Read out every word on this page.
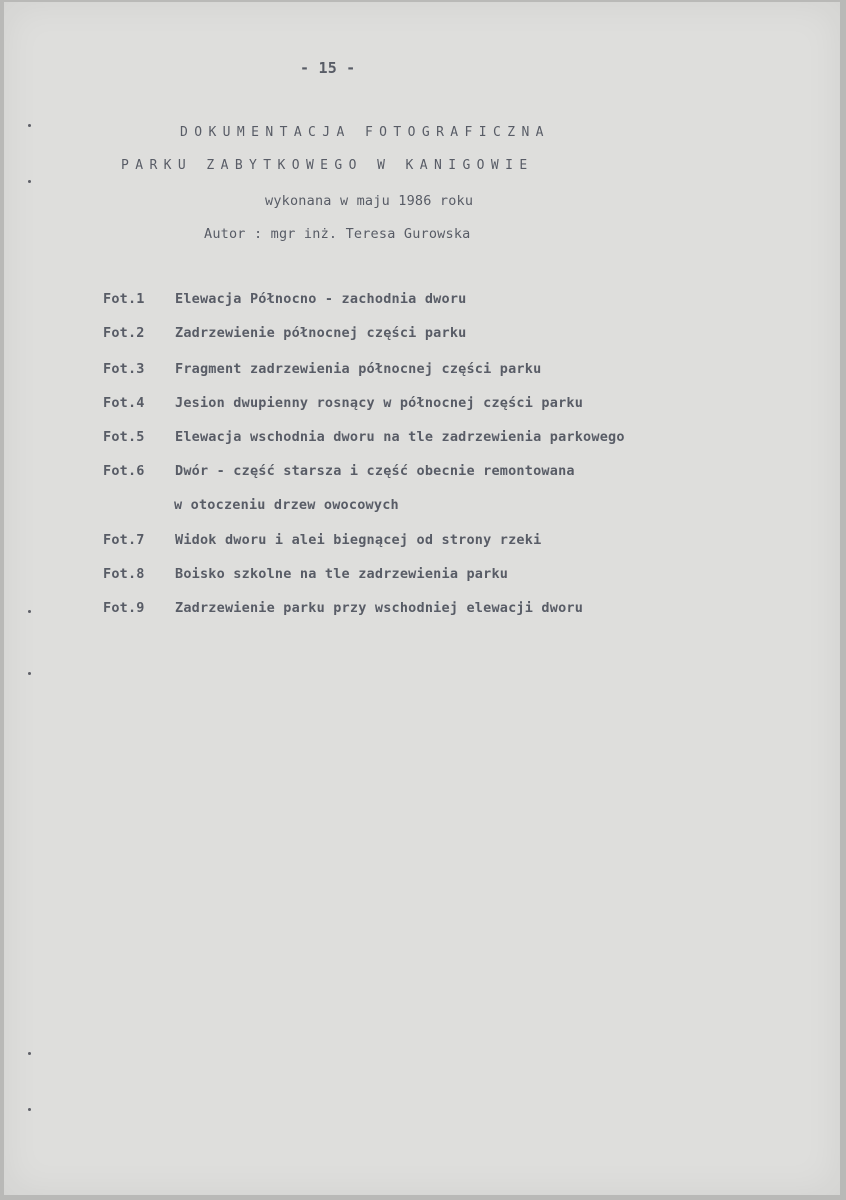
- 15 -
DOKUMENTACJA FOTOGRAFICZNA
PARKU ZABYTKOWEGO W KANIGOWIE
wykonana w maju 1986 roku
Autor : mgr inż. Teresa Gurowska
Fot.1 Elewacja Północno - zachodnia dworu
Fot.2 Zadrzewienie północnej części parku
Fot.3 Fragment zadrzewienia północnej części parku
Fot.4 Jesion dwupienny rosnący w północnej części parku
Fot.5 Elewacja wschodnia dworu na tle zadrzewienia parkowego
Fot.6 Dwór - część starsza i część obecnie remontowana
w otoczeniu drzew owocowych
Fot.7 Widok dworu i alei biegnącej od strony rzeki
Fot.8 Boisko szkolne na tle zadrzewienia parku
Fot.9 Zadrzewienie parku przy wschodniej elewacji dworu
